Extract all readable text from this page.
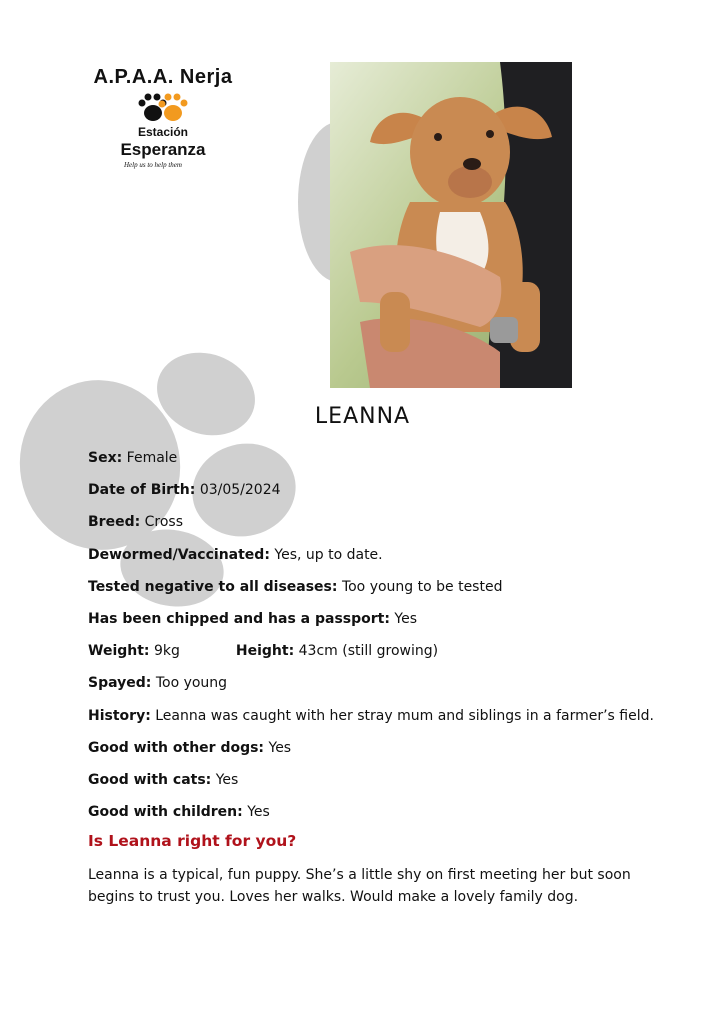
A.P.A.A. Nerja
Estación
Esperanza
Help us to help them
LEANNA
Sex: Female
Date of Birth: 03/05/2024
Breed: Cross
Dewormed/Vaccinated: Yes, up to date.
Tested negative to all diseases: Too young to be tested
Has been chipped and has a passport: Yes
Weight: 9kg	Height: 43cm (still growing)
Spayed: Too young
History: Leanna was caught with her stray mum and siblings in a farmer’s field.
Good with other dogs: Yes
Good with cats: Yes
Good with children: Yes
Is Leanna right for you?
Leanna is a typical, fun puppy. She’s a little shy on first meeting her but soon begins to trust you. Loves her walks. Would make a lovely family dog.
